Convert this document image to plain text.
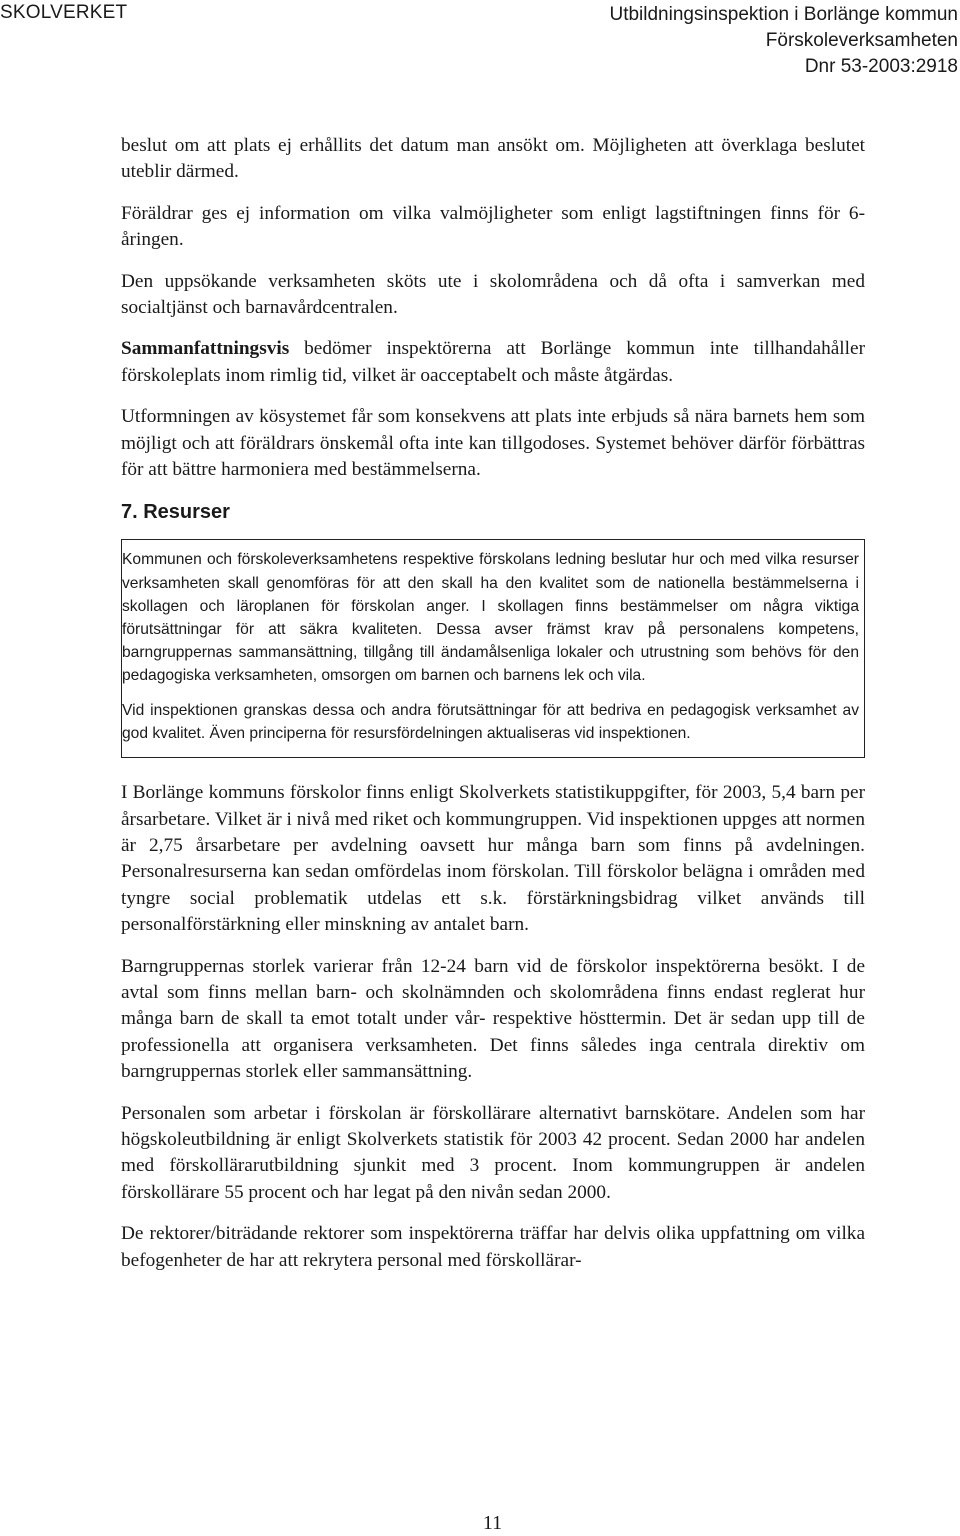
SKOLVERKET	Utbildningsinspektion i Borlänge kommun
Förskoleverksamheten
Dnr 53-2003:2918

beslut om att plats ej erhållits det datum man ansökt om. Möjligheten att överklaga beslutet uteblir därmed.

Föräldrar ges ej information om vilka valmöjligheter som enligt lagstiftningen finns för 6-åringen.

Den uppsökande verksamheten sköts ute i skolområdena och då ofta i samverkan med socialtjänst och barnavårdcentralen.

Sammanfattningsvis bedömer inspektörerna att Borlänge kommun inte tillhandahåller förskoleplats inom rimlig tid, vilket är oacceptabelt och måste åtgärdas.

Utformningen av kösystemet får som konsekvens att plats inte erbjuds så nära barnets hem som möjligt och att föräldrars önskemål ofta inte kan tillgodoses. Systemet behöver därför förbättras för att bättre harmoniera med bestämmelserna.

7. Resurser

Kommunen och förskoleverksamhetens respektive förskolans ledning beslutar hur och med vilka resurser verksamheten skall genomföras för att den skall ha den kvalitet som de nationella bestämmelserna i skollagen och läroplanen för förskolan anger. I skollagen finns bestämmelser om några viktiga förutsättningar för att säkra kvaliteten. Dessa avser främst krav på personalens kompetens, barngruppernas sammansättning, tillgång till ändamålsenliga lokaler och utrustning som behövs för den pedagogiska verksamheten, omsorgen om barnen och barnens lek och vila.

Vid inspektionen granskas dessa och andra förutsättningar för att bedriva en pedagogisk verksamhet av god kvalitet. Även principerna för resursfördelningen aktualiseras vid inspektionen.

I Borlänge kommuns förskolor finns enligt Skolverkets statistikuppgifter, för 2003, 5,4 barn per årsarbetare. Vilket är i nivå med riket och kommungruppen. Vid inspektionen uppges att normen är 2,75 årsarbetare per avdelning oavsett hur många barn som finns på avdelningen. Personalresurserna kan sedan omfördelas inom förskolan. Till förskolor belägna i områden med tyngre social problematik utdelas ett s.k. förstärkningsbidrag vilket används till personalförstärkning eller minskning av antalet barn.

Barngruppernas storlek varierar från 12-24 barn vid de förskolor inspektörerna besökt. I de avtal som finns mellan barn- och skolnämnden och skolområdena finns endast reglerat hur många barn de skall ta emot totalt under vår- respektive hösttermin. Det är sedan upp till de professionella att organisera verksamheten. Det finns således inga centrala direktiv om barngruppernas storlek eller sammansättning.

Personalen som arbetar i förskolan är förskollärare alternativt barnskötare. Andelen som har högskoleutbildning är enligt Skolverkets statistik för 2003 42 procent. Sedan 2000 har andelen med förskollärarutbildning sjunkit med 3 procent. Inom kommungruppen är andelen förskollärare 55 procent och har legat på den nivån sedan 2000.

De rektorer/biträdande rektorer som inspektörerna träffar har delvis olika uppfattning om vilka befogenheter de har att rekrytera personal med förskollärar-

11
